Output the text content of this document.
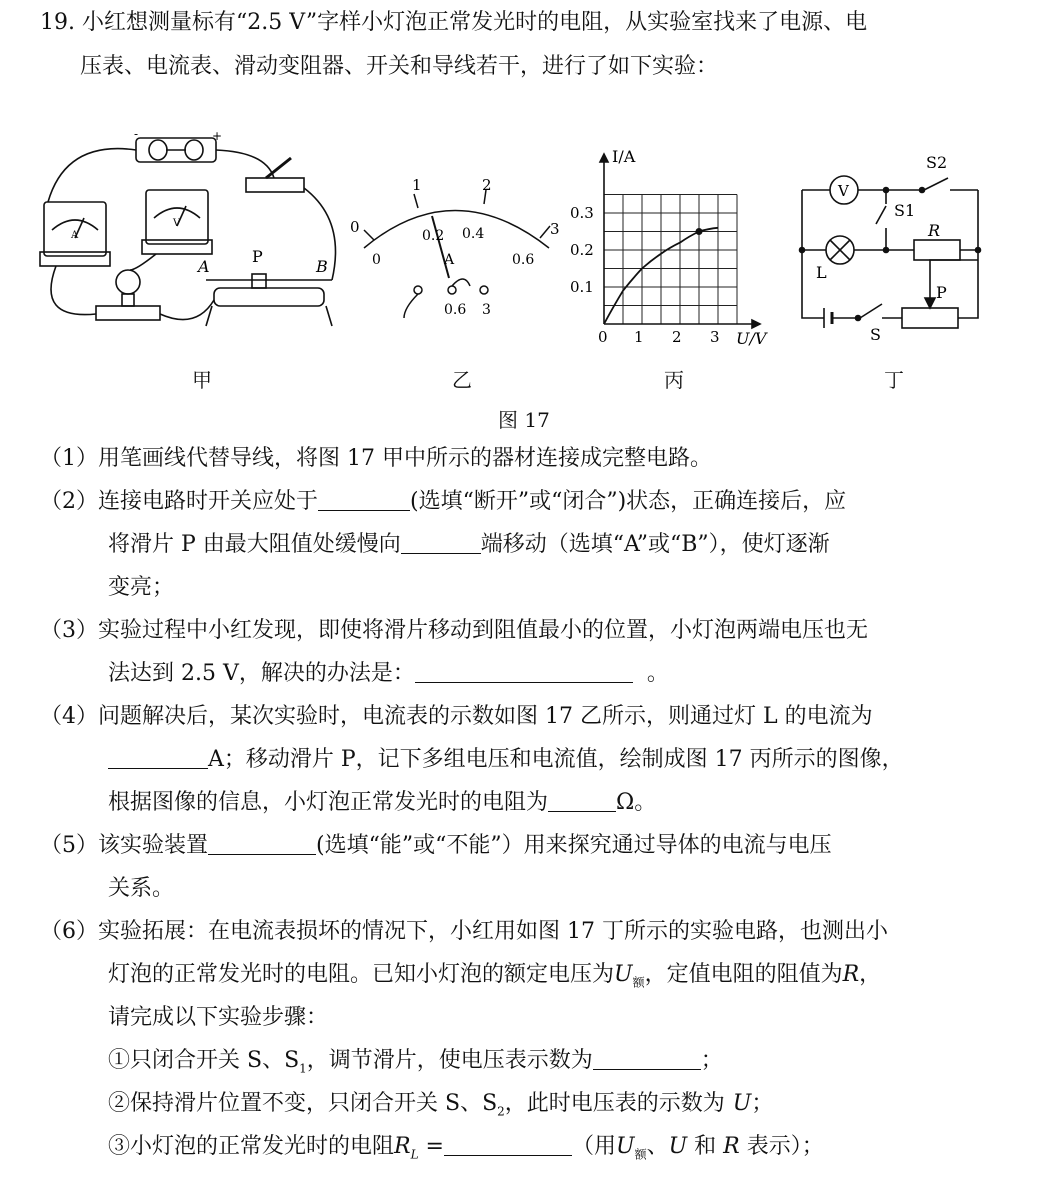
19. 小红想测量标有“2.5 V”字样小灯泡正常发光时的电阻，从实验室找来了电源、电
压表、电流表、滑动变阻器、开关和导线若干，进行了如下实验：
A
V
-	+
A
P
B
甲
0
1	2
3
0
0.2 0.4
0.6
A
0.6 3
乙
I/A
U/V
0.3
0.2
0.1
0 1 2 3
丙
V
S2
S1
R
L
P
S
丁
图 17
（1）用笔画线代替导线，将图 17 甲中所示的器材连接成完整电路。
（2）连接电路时开关应处于	(选填“断开”或“闭合”)状态，正确连接后，应
将滑片 P 由最大阻值处缓慢向	端移动（选填“A”或“B”），使灯逐渐
变亮；
（3）实验过程中小红发现，即使将滑片移动到阻值最小的位置，小灯泡两端电压也无
法达到 2.5 V，解决的办法是：	。
（4）问题解决后，某次实验时，电流表的示数如图 17 乙所示，则通过灯 L 的电流为
A；移动滑片 P，记下多组电压和电流值，绘制成图 17 丙所示的图像，
根据图像的信息，小灯泡正常发光时的电阻为	Ω。
（5）该实验装置	(选填“能”或“不能”）用来探究通过导体的电流与电压
关系。
（6）实验拓展：在电流表损坏的情况下，小红用如图 17 丁所示的实验电路，也测出小
灯泡的正常发光时的电阻。已知小灯泡的额定电压为$U_额$，定值电阻的阻值为R，
请完成以下实验步骤：
①只闭合开关 S、$S_1$，调节滑片，使电压表示数为	；
②保持滑片位置不变，只闭合开关 S、$S_2$，此时电压表的示数为 U；
③小灯泡的正常发光时的电阻$R_L$ =	（用$U_额$、U 和 R 表示）；
